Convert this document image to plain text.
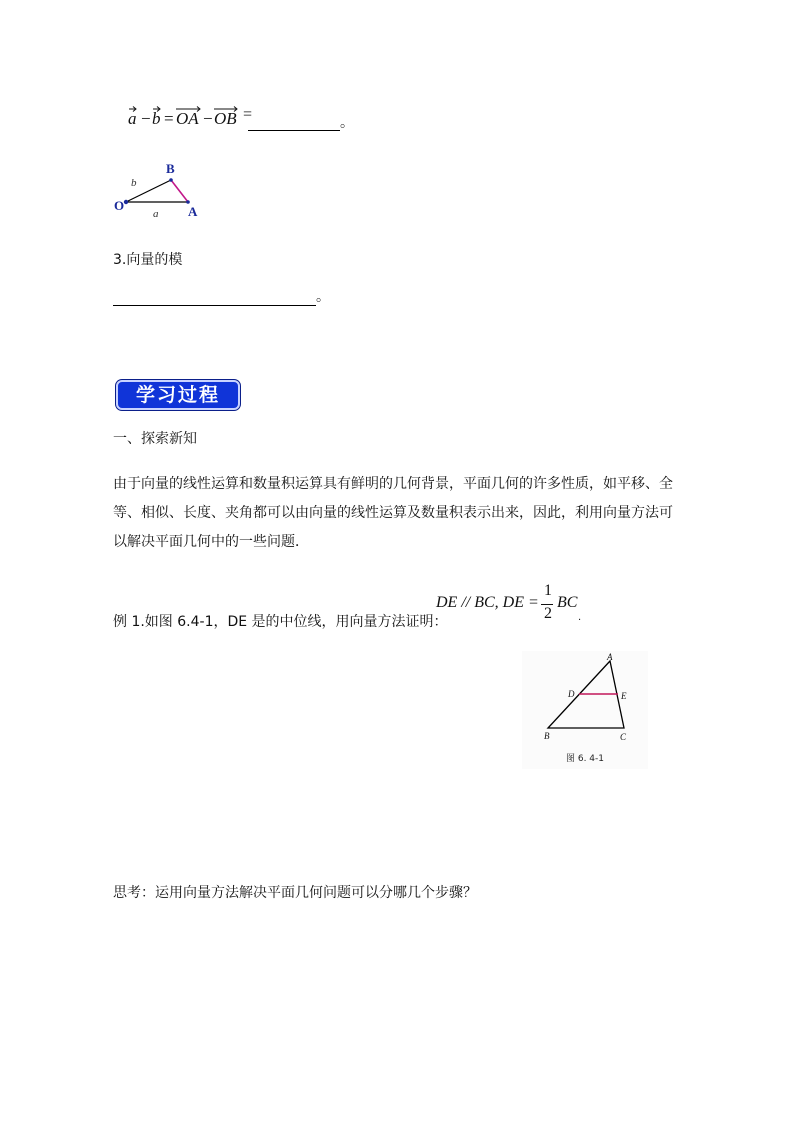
a − b = OA − OB =	。
O
B
A
b
a
3.向量的模
。
学习过程
一、探索新知
由于向量的线性运算和数量积运算具有鲜明的几何背景，平面几何的许多性质，如平移、全等、相似、长度、夹角都可以由向量的线性运算及数量积表示出来，因此，利用向量方法可以解决平面几何中的一些问题．
例 1.如图 6.4-1，DE 是的中位线，用向量方法证明：
DE // BC, DE =
1
2
BC
.
A
D	E
B	C
图 6. 4-1
思考：运用向量方法解决平面几何问题可以分哪几个步骤？
